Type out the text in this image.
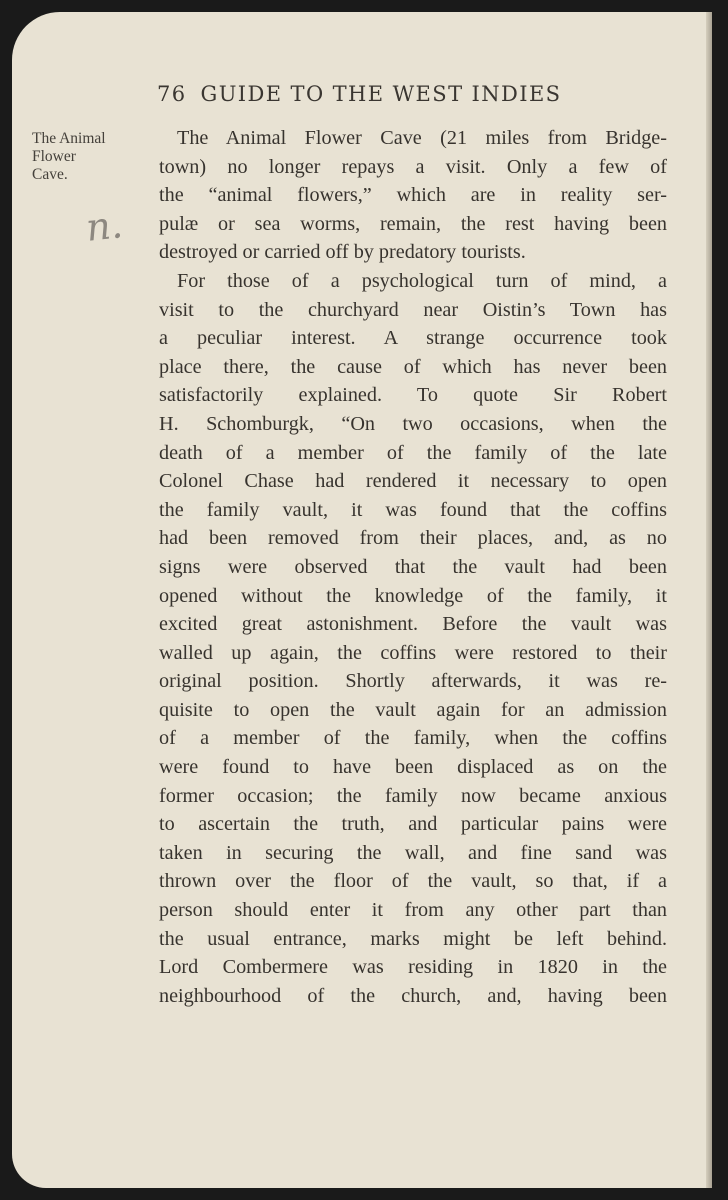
76 GUIDE TO THE WEST INDIES
The Animal
Flower
Cave.
n.
The Animal Flower Cave (21 miles from Bridge-
town) no longer repays a visit. Only a few of
the “animal flowers,” which are in reality ser-
pulæ or sea worms, remain, the rest having been
destroyed or carried off by predatory tourists.
For those of a psychological turn of mind, a
visit to the churchyard near Oistin’s Town has
a peculiar interest. A strange occurrence took
place there, the cause of which has never been
satisfactorily explained. To quote Sir Robert
H. Schomburgk, “On two occasions, when the
death of a member of the family of the late
Colonel Chase had rendered it necessary to open
the family vault, it was found that the coffins
had been removed from their places, and, as no
signs were observed that the vault had been
opened without the knowledge of the family, it
excited great astonishment. Before the vault was
walled up again, the coffins were restored to their
original position. Shortly afterwards, it was re-
quisite to open the vault again for an admission
of a member of the family, when the coffins
were found to have been displaced as on the
former occasion; the family now became anxious
to ascertain the truth, and particular pains were
taken in securing the wall, and fine sand was
thrown over the floor of the vault, so that, if a
person should enter it from any other part than
the usual entrance, marks might be left behind.
Lord Combermere was residing in 1820 in the
neighbourhood of the church, and, having been
